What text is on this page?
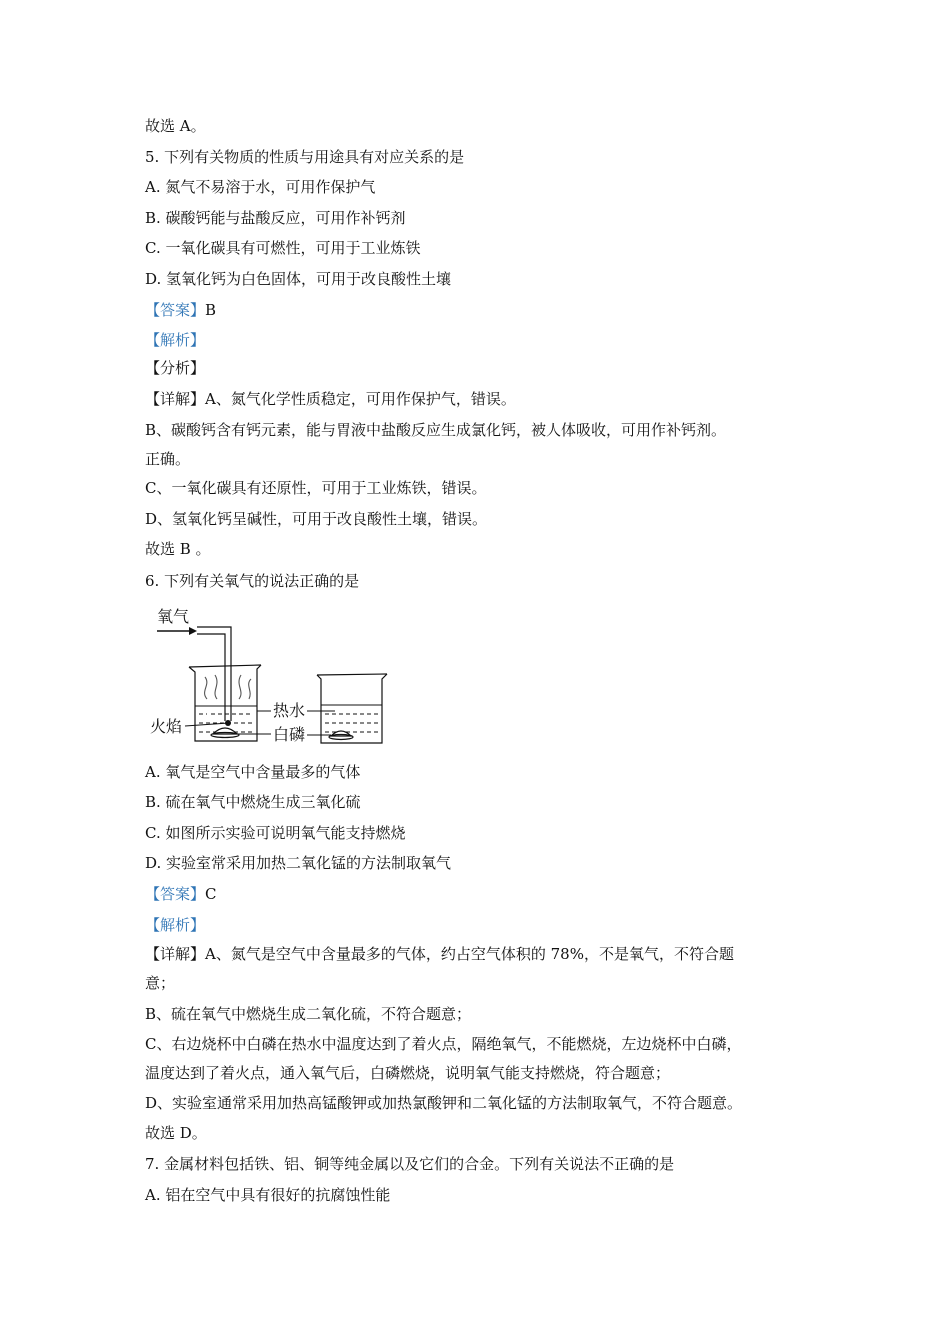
故选 A。
5. 下列有关物质的性质与用途具有对应关系的是
A. 氮气不易溶于水，可用作保护气
B. 碳酸钙能与盐酸反应，可用作补钙剂
C. 一氧化碳具有可燃性，可用于工业炼铁
D. 氢氧化钙为白色固体，可用于改良酸性土壤
【答案】B
【解析】
【分析】
【详解】A、氮气化学性质稳定，可用作保护气，错误。
B、碳酸钙含有钙元素，能与胃液中盐酸反应生成氯化钙，被人体吸收，可用作补钙剂。
正确。
C、一氧化碳具有还原性，可用于工业炼铁，错误。
D、氢氧化钙呈碱性，可用于改良酸性土壤，错误。
故选 B 。
6. 下列有关氧气的说法正确的是
氧气
火焰
热水
白磷
A. 氧气是空气中含量最多的气体
B. 硫在氧气中燃烧生成三氧化硫
C. 如图所示实验可说明氧气能支持燃烧
D. 实验室常采用加热二氧化锰的方法制取氧气
【答案】C
【解析】
【详解】A、氮气是空气中含量最多的气体，约占空气体积的 78%，不是氧气，不符合题
意；
B、硫在氧气中燃烧生成二氧化硫，不符合题意；
C、右边烧杯中白磷在热水中温度达到了着火点，隔绝氧气，不能燃烧，左边烧杯中白磷，
温度达到了着火点，通入氧气后，白磷燃烧，说明氧气能支持燃烧，符合题意；
D、实验室通常采用加热高锰酸钾或加热氯酸钾和二氧化锰的方法制取氧气，不符合题意。
故选 D。
7. 金属材料包括铁、铝、铜等纯金属以及它们的合金。下列有关说法不正确的是
A. 铝在空气中具有很好的抗腐蚀性能
